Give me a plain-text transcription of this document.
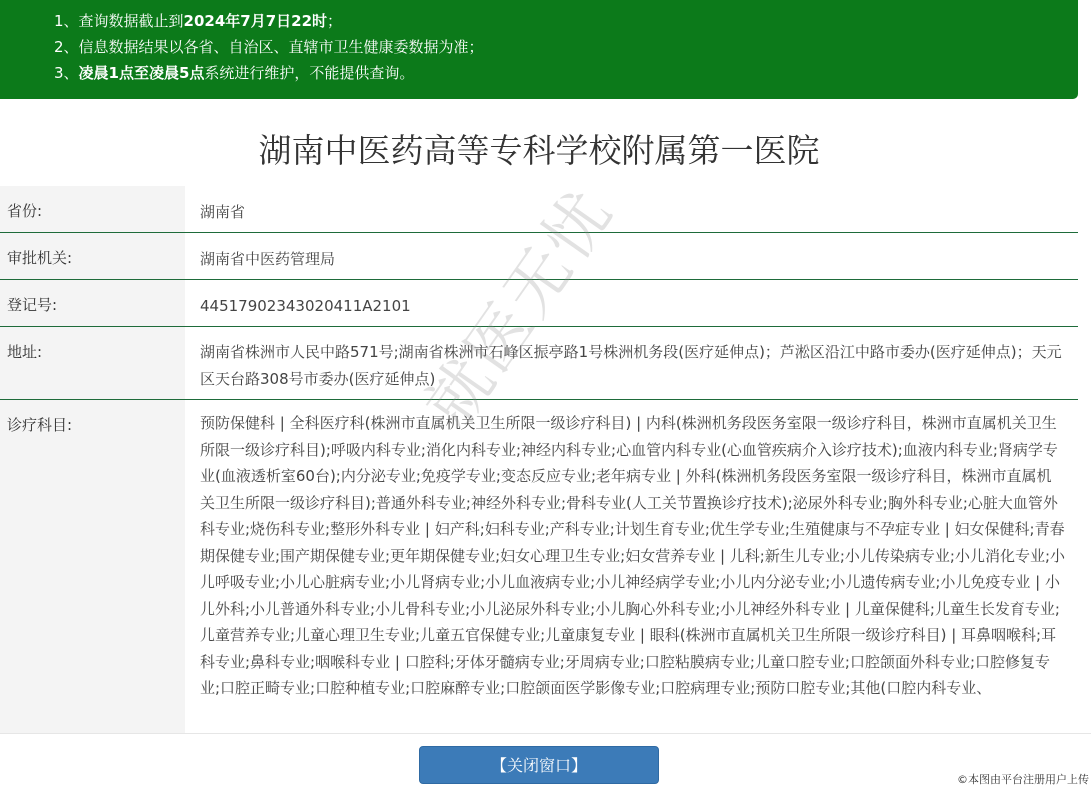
1、查询数据截止到2024年7月7日22时；
2、信息数据结果以各省、自治区、直辖市卫生健康委数据为准；
3、凌晨1点至凌晨5点系统进行维护，不能提供查询。
湖南中医药高等专科学校附属第一医院
省份:	湖南省
审批机关:	湖南省中医药管理局
登记号:	44517902343020411A2101
地址:	湖南省株洲市人民中路571号;湖南省株洲市石峰区振亭路1号株洲机务段(医疗延伸点)；芦淞区沿江中路市委办(医疗延伸点)；天元区天台路308号市委办(医疗延伸点)
诊疗科目:	预防保健科 | 全科医疗科(株洲市直属机关卫生所限一级诊疗科目) | 内科(株洲机务段医务室限一级诊疗科目，株洲市直属机关卫生所限一级诊疗科目);呼吸内科专业;消化内科专业;神经内科专业;心血管内科专业(心血管疾病介入诊疗技术);血液内科专业;肾病学专业(血液透析室60台);内分泌专业;免疫学专业;变态反应专业;老年病专业 | 外科(株洲机务段医务室限一级诊疗科目，株洲市直属机关卫生所限一级诊疗科目);普通外科专业;神经外科专业;骨科专业(人工关节置换诊疗技术);泌尿外科专业;胸外科专业;心脏大血管外科专业;烧伤科专业;整形外科专业 | 妇产科;妇科专业;产科专业;计划生育专业;优生学专业;生殖健康与不孕症专业 | 妇女保健科;青春期保健专业;围产期保健专业;更年期保健专业;妇女心理卫生专业;妇女营养专业 | 儿科;新生儿专业;小儿传染病专业;小儿消化专业;小儿呼吸专业;小儿心脏病专业;小儿肾病专业;小儿血液病专业;小儿神经病学专业;小儿内分泌专业;小儿遗传病专业;小儿免疫专业 | 小儿外科;小儿普通外科专业;小儿骨科专业;小儿泌尿外科专业;小儿胸心外科专业;小儿神经外科专业 | 儿童保健科;儿童生长发育专业;儿童营养专业;儿童心理卫生专业;儿童五官保健专业;儿童康复专业 | 眼科(株洲市直属机关卫生所限一级诊疗科目) | 耳鼻咽喉科;耳科专业;鼻科专业;咽喉科专业 | 口腔科;牙体牙髓病专业;牙周病专业;口腔粘膜病专业;儿童口腔专业;口腔颌面外科专业;口腔修复专业;口腔正畸专业;口腔种植专业;口腔麻醉专业;口腔颌面医学影像专业;口腔病理专业;预防口腔专业;其他(口腔内科专业、
就医无忧
【关闭窗口】
©本图由平台注册用户上传
